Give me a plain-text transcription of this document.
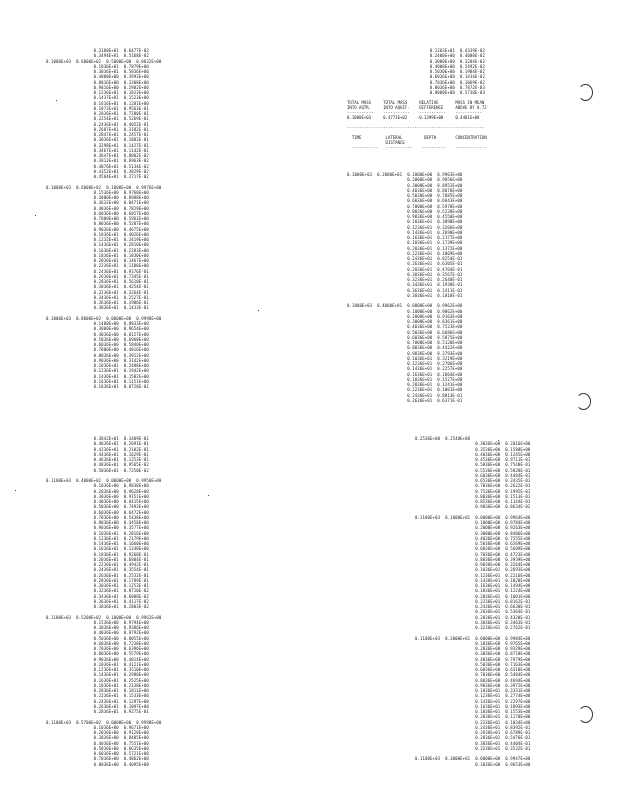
0.3180E+01  0.6477E-02
0.3494E+01  0.5168E-02
0.1000E+03  0.6000E+02  0.5000E+00  0.8832E+00
0.1036E+01  0.7879E+00
0.3036E+01  0.5836E+00
0.4000E+00  0.3993E+00
0.8036E+00  0.3308E+00
0.9816E+00  0.2982E+00
0.1236E+01  0.1823E+00
0.1437E+01  0.1523E+00
0.1616E+01  0.1281E+00
0.1872E+01  0.9563E-01
0.2036E+01  0.7280E-01
0.2254E+01  0.5269E-01
0.2436E+01  0.4052E-01
0.2687E+01  0.3182E-01
0.2847E+01  0.2457E-01
0.3036E+01  0.1802E-01
0.3298E+01  0.1427E-01
0.3467E+01  0.1142E-01
0.3647E+01  0.8802E-02
0.3812E+01  0.6963E-02
0.4076E+01  0.5134E-02
0.4352E+01  0.3829E-02
0.4564E+01  0.2717E-02

0.1000E+03  0.6000E+02  0.1000E+00  0.9976E+00
0.1536E+00  0.9768E+00
0.3000E+00  0.8988E+00
0.3632E+00  0.8471E+00
0.4036E+00  0.7829E+00
0.6036E+00  0.6857E+00
0.7000E+00  0.5961E+00
0.8036E+00  0.5287E+00
0.9036E+00  0.4675E+00
0.1036E+01  0.4026E+00
0.1232E+01  0.3419E+00
0.1436E+01  0.2810E+00
0.1636E+01  0.2283E+00
0.1836E+01  0.1830E+00
0.2036E+01  0.1467E+00
0.2236E+01  0.1180E+00
0.2436E+01  0.9376E-01
0.2636E+01  0.7345E-01
0.2836E+01  0.5618E-01
0.3036E+01  0.4254E-01
0.3236E+01  0.3264E-01
0.3436E+01  0.2527E-01
0.3636E+01  0.1906E-01
0.3836E+01  0.1433E-01

0.1000E+03  0.8000E+02  0.0000E+00  0.9998E+00
0.1400E+00  0.9833E+00
0.3000E+00  0.9654E+00
0.4036E+00  0.8127E+00
0.5036E+00  0.6968E+00
0.6036E+00  0.5840E+00
0.7000E+00  0.4816E+00
0.8036E+00  0.3912E+00
0.9036E+00  0.3142E+00
0.1036E+01  0.2488E+00
0.1236E+01  0.1942E+00
0.1436E+01  0.1502E+00
0.1636E+01  0.1151E+00
0.1836E+01  0.8728E-01
0.1203E+01  0.4339E-02
0.2400E+00  0.4008E-02
0.3000E+00  0.3204E-02
0.4000E+00  0.2492E-02
0.5030E+00  0.1904E-02
0.6036E+00  0.1434E-02
0.7036E+00  0.1069E-02
0.8036E+00  0.7872E-03
0.9000E+00  0.5738E-03
TOTAL MASS     TOTAL MASS     RELATIVE       MASS IN MEAN
INTO AQTR.     INTO AQUIF.    DIFFERENCE     ABOVE BY 0.72
-----------    -----------    -----------    -----------
0.1000E+03     0.4773E+02    -0.3399E+00     0.4481E+00

---------------------------------------------------------

TIME          LATERAL         DEPTH        CONCENTRATION
DISTANCE
-----------   -----------    ----------    -------------
0.1000E+03  0.2000E+01  0.1000E+00  0.9963E+00
0.2000E+00  0.9856E+00
0.3000E+00  0.8952E+00
0.4036E+00  0.8076E+00
0.5030E+00  0.7885E+00
0.6036E+00  0.6843E+00
0.7000E+00  0.5978E+00
0.8036E+00  0.5238E+00
0.9036E+00  0.4558E+00
0.1036E+01  0.3890E+00
0.1236E+01  0.3266E+00
0.1436E+01  0.2690E+00
0.1636E+01  0.2177E+00
0.1836E+01  0.1739E+00
0.2036E+01  0.1372E+00
0.2236E+01  0.1069E+00
0.2436E+01  0.8254E-01
0.2636E+01  0.6305E-01
0.2836E+01  0.4764E-01
0.3036E+01  0.3567E-01
0.3236E+01  0.2640E-01
0.3436E+01  0.1938E-01
0.3636E+01  0.1411E-01
0.3836E+01  0.1018E-01

0.1000E+03  0.4000E+01  0.0000E+00  0.9962E+00
0.1000E+00  0.9862E+00
0.2000E+00  0.9163E+00
0.3000E+00  0.8361E+00
0.4036E+00  0.7523E+00
0.5036E+00  0.6686E+00
0.6036E+00  0.5875E+00
0.7000E+00  0.5120E+00
0.8036E+00  0.4422E+00
0.9036E+00  0.3793E+00
0.1036E+01  0.3219E+00
0.1236E+01  0.2706E+00
0.1436E+01  0.2257E+00
0.1636E+01  0.1864E+00
0.1836E+01  0.1527E+00
0.2036E+01  0.1241E+00
0.2236E+01  0.1001E+00
0.2436E+01  0.8013E-01
0.2636E+01  0.6371E-01
0.3842E+01  0.3409E-01
0.4036E+01  0.2691E-01
0.4236E+01  0.2102E-01
0.4436E+01  0.1629E-01
0.4636E+01  0.1253E-01
0.4836E+01  0.9565E-02
0.5036E+01  0.7250E-02

0.1100E+03  0.4000E+02  0.0000E+00  0.9950E+00
0.1036E+00  0.9838E+00
0.2036E+00  0.9628E+00
0.3036E+00  0.9151E+00
0.4036E+00  0.8415E+00
0.5036E+00  0.7493E+00
0.6036E+00  0.6472E+00
0.7036E+00  0.5438E+00
0.8036E+00  0.4458E+00
0.9036E+00  0.3577E+00
0.1036E+01  0.2816E+00
0.1236E+01  0.2179E+00
0.1436E+01  0.1660E+00
0.1636E+01  0.1248E+00
0.1836E+01  0.9268E-01
0.2036E+01  0.6804E-01
0.2236E+01  0.4942E-01
0.2436E+01  0.3554E-01
0.2636E+01  0.2532E-01
0.2836E+01  0.1789E-01
0.3036E+01  0.1253E-01
0.3236E+01  0.8710E-02
0.3436E+01  0.6008E-02
0.3636E+01  0.4117E-02
0.3836E+01  0.2803E-02

0.1100E+03  0.5200E+02  0.1000E+00  0.9962E+00
0.1536E+00  0.9794E+00
0.3036E+00  0.9386E+00
0.4036E+00  0.8792E+00
0.5036E+00  0.8055E+00
0.6036E+00  0.7238E+00
0.7036E+00  0.6396E+00
0.8036E+00  0.5579E+00
0.9036E+00  0.4814E+00
0.1036E+01  0.4121E+00
0.1236E+01  0.3510E+00
0.1436E+01  0.2980E+00
0.1636E+01  0.2525E+00
0.1836E+01  0.2138E+00
0.2036E+01  0.1811E+00
0.2236E+01  0.1533E+00
0.2436E+01  0.1297E+00
0.2636E+01  0.1097E+00
0.2836E+01  0.9275E-01

0.1100E+03  0.5700E+02  0.0000E+00  0.9998E+00
0.1036E+00  0.9671E+00
0.2036E+00  0.9128E+00
0.3036E+00  0.8405E+00
0.4036E+00  0.7551E+00
0.5036E+00  0.6635E+00
0.6036E+00  0.5721E+00
0.7036E+00  0.4862E+00
0.8036E+00  0.4095E+00
0.2536E+00  0.2548E+00
0.3036E+00  0.2016E+00
0.3536E+00  0.1588E+00
0.4036E+00  0.1245E+00
0.4536E+00  0.9711E-01
0.5036E+00  0.7540E-01
0.5536E+00  0.5828E-01
0.6036E+00  0.4484E-01
0.6536E+00  0.3435E-01
0.7036E+00  0.2622E-01
0.7536E+00  0.1995E-01
0.8036E+00  0.1513E-01
0.8536E+00  0.1144E-01
0.9036E+00  0.8634E-02

0.1100E+03  0.1000E+01  0.0000E+00  0.9964E+00
0.1000E+00  0.9784E+00
0.2000E+00  0.9263E+00
0.3000E+00  0.8486E+00
0.4036E+00  0.7555E+00
0.5036E+00  0.6569E+00
0.6036E+00  0.5609E+00
0.7036E+00  0.4723E+00
0.8036E+00  0.3939E+00
0.9036E+00  0.3264E+00
0.1036E+01  0.2693E+00
0.1236E+01  0.2216E+00
0.1436E+01  0.1820E+00
0.1636E+01  0.1494E+00
0.1836E+01  0.1224E+00
0.2036E+01  0.1001E+00
0.2236E+01  0.8162E-01
0.2436E+01  0.6630E-01
0.2636E+01  0.5364E-01
0.2836E+01  0.4320E-01
0.3036E+01  0.3463E-01
0.3236E+01  0.2762E-01

0.1100E+03  0.2000E+01  0.0000E+00  0.9984E+00
0.1036E+00  0.9765E+00
0.2036E+00  0.9329E+00
0.3036E+00  0.8718E+00
0.4036E+00  0.7979E+00
0.5036E+00  0.7163E+00
0.6036E+00  0.6318E+00
0.7036E+00  0.5484E+00
0.8036E+00  0.4694E+00
0.9036E+00  0.3972E+00
0.1036E+01  0.3331E+00
0.1236E+01  0.2774E+00
0.1436E+01  0.2297E+00
0.1636E+01  0.1893E+00
0.1836E+01  0.1553E+00
0.2036E+01  0.1270E+00
0.2236E+01  0.1034E+00
0.2436E+01  0.8392E-01
0.2636E+01  0.6789E-01
0.2836E+01  0.5476E-01
0.3036E+01  0.4404E-01
0.3236E+01  0.3532E-01

0.1100E+03  0.3000E+01  0.0000E+00  0.9947E+00
0.1036E+00  0.9653E+00
